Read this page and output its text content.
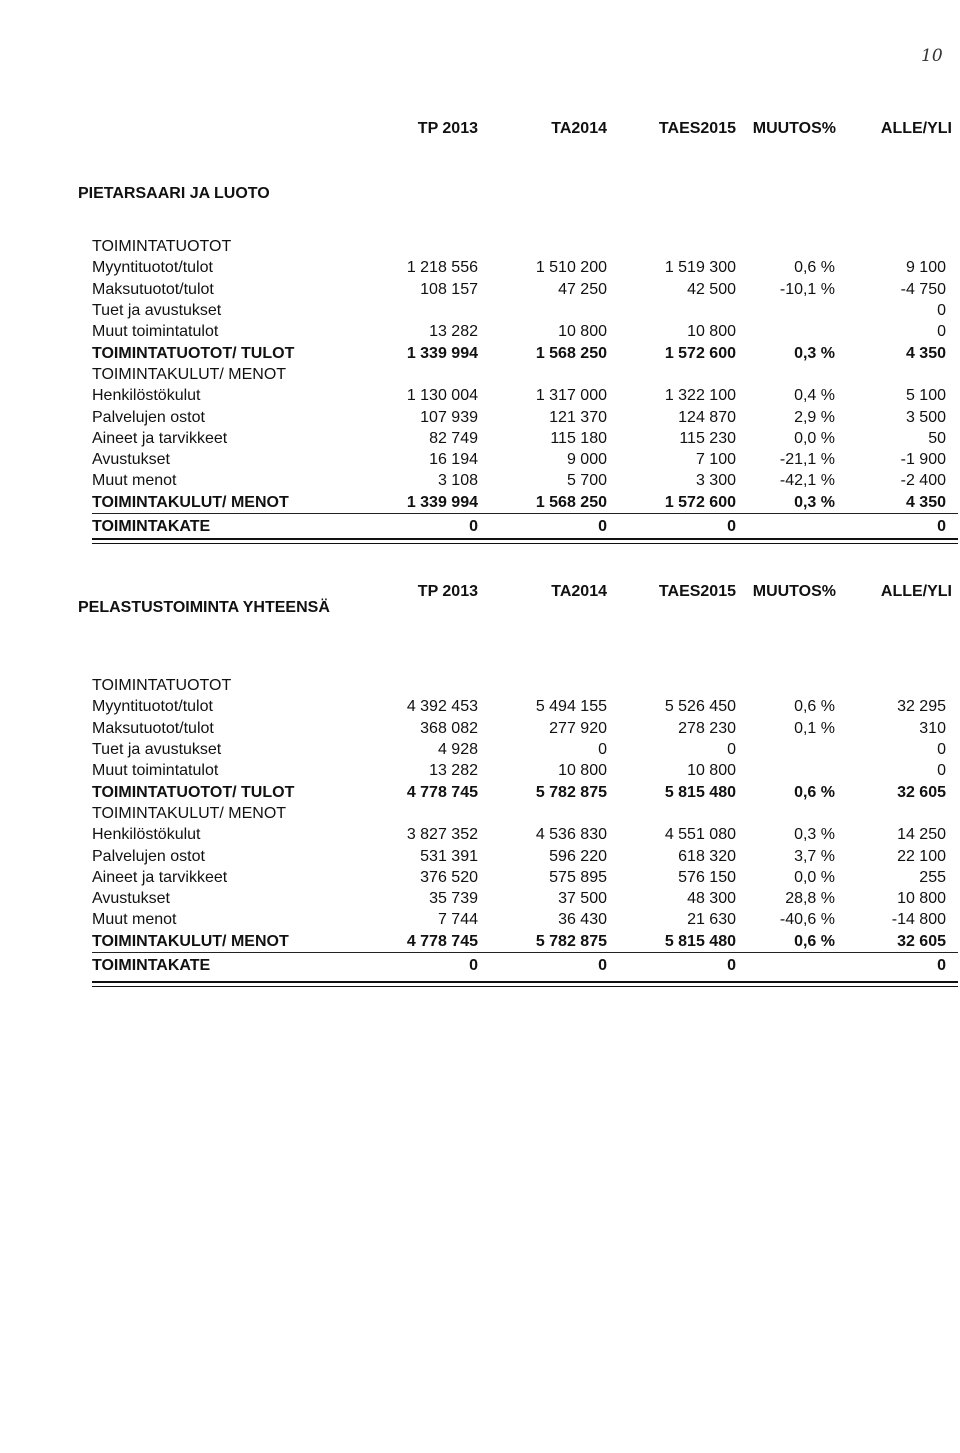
10
TP 2013	TA2014	TAES2015	MUUTOS%	ALLE/YLI
PIETARSAARI JA LUOTO
TOIMINTATUOTOT					
Myyntituotot/tulot	1 218 556	1 510 200	1 519 300	0,6 %	9 100
Maksutuotot/tulot	108 157	47 250	42 500	-10,1 %	-4 750
Tuet ja avustukset					0
Muut toimintatulot	13 282	10 800	10 800		0
TOIMINTATUOTOT/ TULOT	1 339 994	1 568 250	1 572 600	0,3 %	4 350
TOIMINTAKULUT/ MENOT					
Henkilöstökulut	1 130 004	1 317 000	1 322 100	0,4 %	5 100
Palvelujen ostot	107 939	121 370	124 870	2,9 %	3 500
Aineet ja tarvikkeet	82 749	115 180	115 230	0,0 %	50
Avustukset	16 194	9 000	7 100	-21,1 %	-1 900
Muut menot	3 108	5 700	3 300	-42,1 %	-2 400
TOIMINTAKULUT/ MENOT	1 339 994	1 568 250	1 572 600	0,3 %	4 350
TOIMINTAKATE	0	0	0		0
TP 2013	TA2014	TAES2015	MUUTOS%	ALLE/YLI
PELASTUSTOIMINTA YHTEENSÄ
TOIMINTATUOTOT					
Myyntituotot/tulot	4 392 453	5 494 155	5 526 450	0,6 %	32 295
Maksutuotot/tulot	368 082	277 920	278 230	0,1 %	310
Tuet ja avustukset	4 928	0	0		0
Muut toimintatulot	13 282	10 800	10 800		0
TOIMINTATUOTOT/ TULOT	4 778 745	5 782 875	5 815 480	0,6 %	32 605
TOIMINTAKULUT/ MENOT					
Henkilöstökulut	3 827 352	4 536 830	4 551 080	0,3 %	14 250
Palvelujen ostot	531 391	596 220	618 320	3,7 %	22 100
Aineet ja tarvikkeet	376 520	575 895	576 150	0,0 %	255
Avustukset	35 739	37 500	48 300	28,8 %	10 800
Muut menot	7 744	36 430	21 630	-40,6 %	-14 800
TOIMINTAKULUT/ MENOT	4 778 745	5 782 875	5 815 480	0,6 %	32 605
TOIMINTAKATE	0	0	0		0
